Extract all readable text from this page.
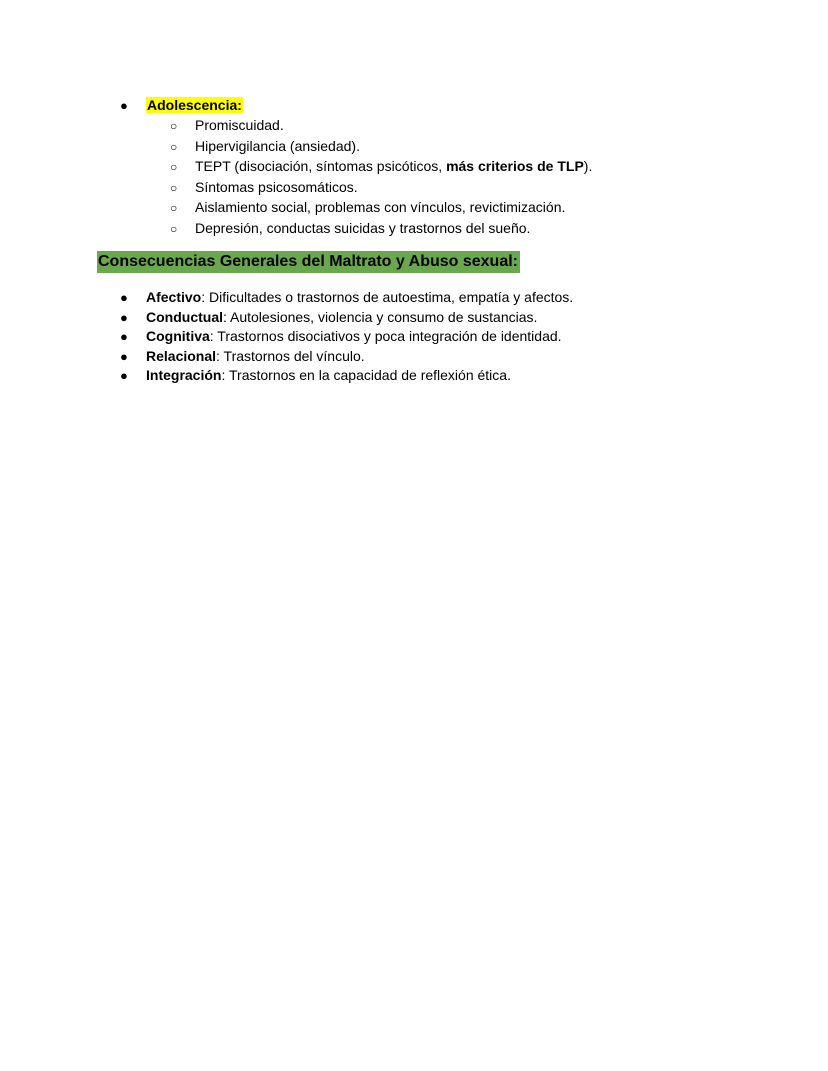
● Adolescencia:
○ Promiscuidad.
○ Hipervigilancia (ansiedad).
○ TEPT (disociación, síntomas psicóticos, más criterios de TLP).
○ Síntomas psicosomáticos.
○ Aislamiento social, problemas con vínculos, revictimización.
○ Depresión, conductas suicidas y trastornos del sueño.
Consecuencias Generales del Maltrato y Abuso sexual:
● Afectivo: Dificultades o trastornos de autoestima, empatía y afectos.
● Conductual: Autolesiones, violencia y consumo de sustancias.
● Cognitiva: Trastornos disociativos y poca integración de identidad.
● Relacional: Trastornos del vínculo.
● Integración: Trastornos en la capacidad de reflexión ética.
